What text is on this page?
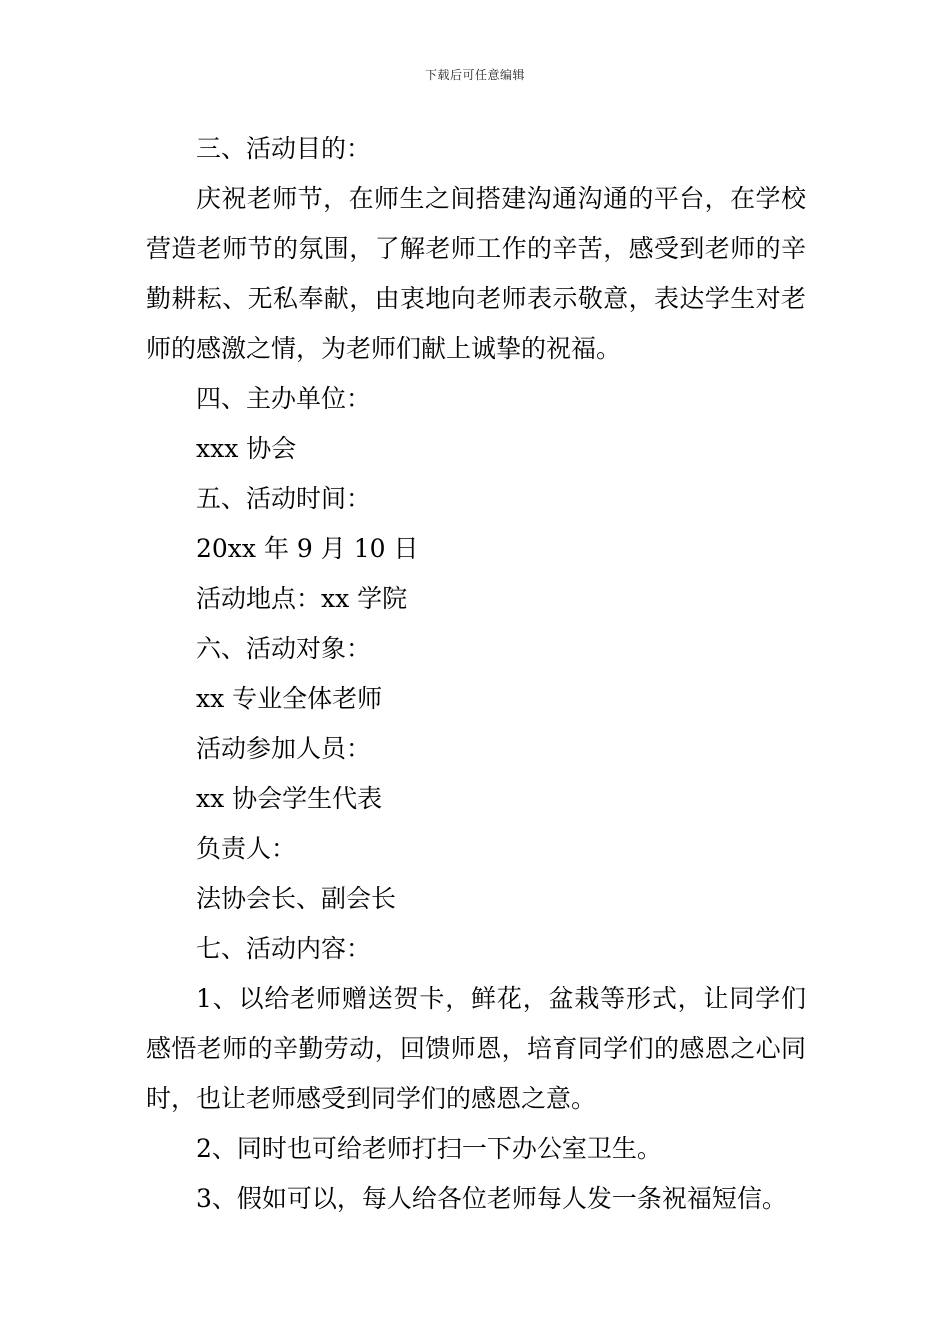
下载后可任意编辑

三、活动目的：

庆祝老师节，在师生之间搭建沟通沟通的平台，在学校营造老师节的氛围，了解老师工作的辛苦，感受到老师的辛勤耕耘、无私奉献，由衷地向老师表示敬意，表达学生对老师的感激之情，为老师们献上诚挚的祝福。

四、主办单位：

xxx 协会

五、活动时间：

20xx 年 9 月 10 日

活动地点：xx 学院

六、活动对象：

xx 专业全体老师

活动参加人员：

xx 协会学生代表

负责人：

法协会长、副会长

七、活动内容：

1、以给老师赠送贺卡，鲜花，盆栽等形式，让同学们感悟老师的辛勤劳动，回馈师恩，培育同学们的感恩之心同时，也让老师感受到同学们的感恩之意。

2、同时也可给老师打扫一下办公室卫生。

3、假如可以，每人给各位老师每人发一条祝福短信。
